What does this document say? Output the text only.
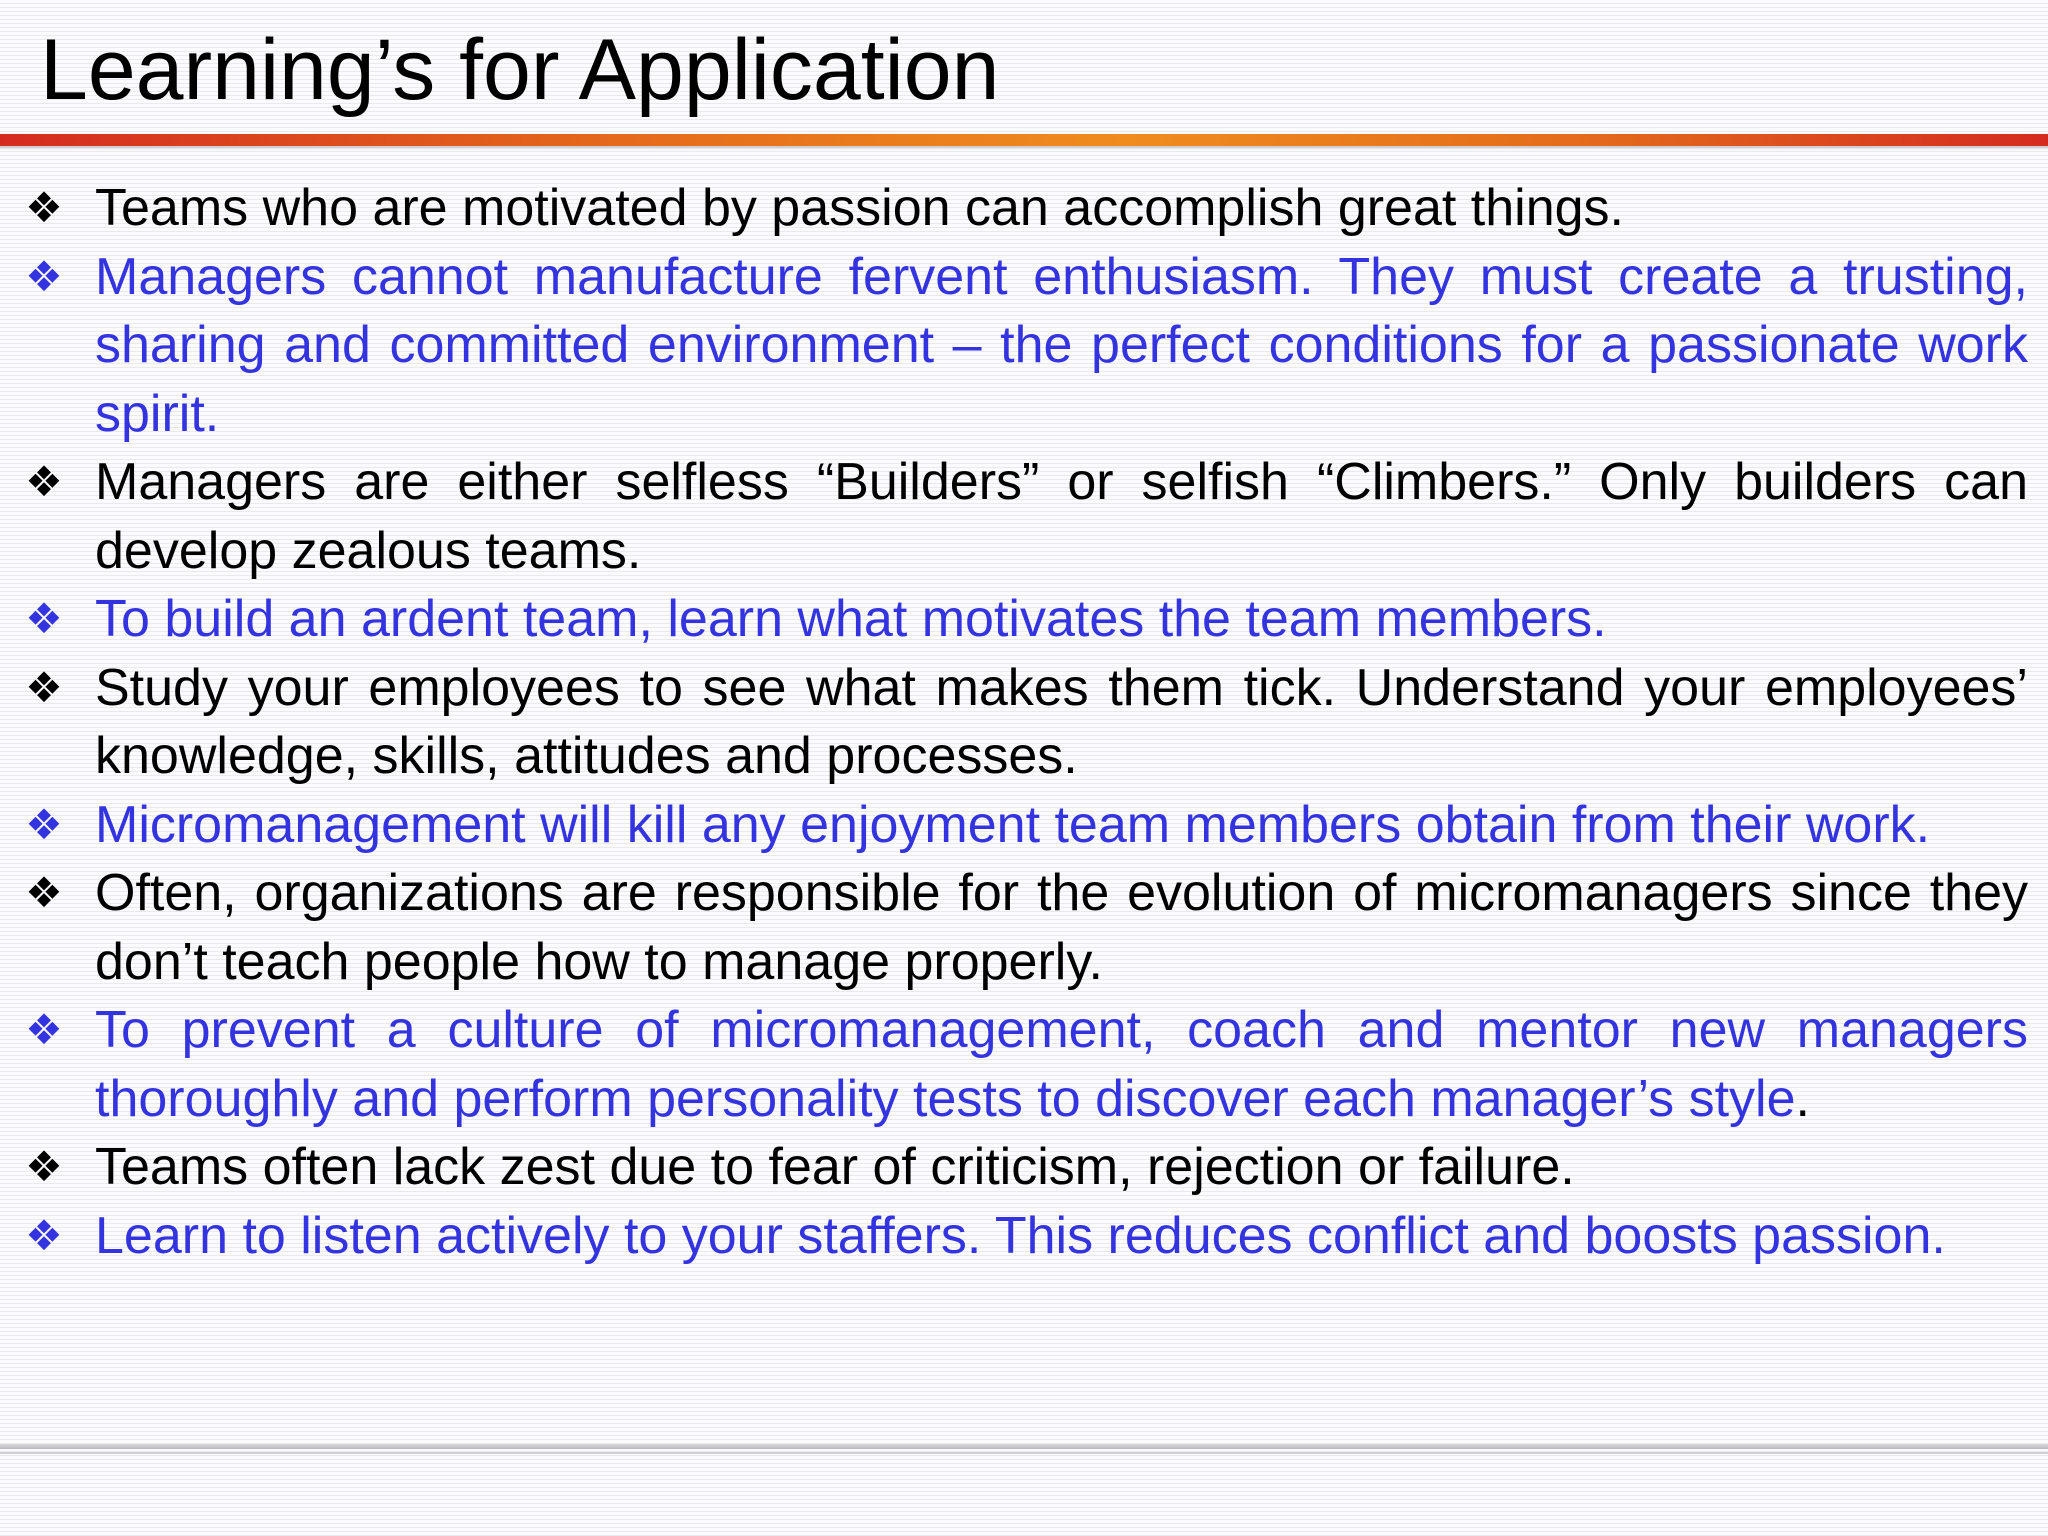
Learning’s for Application
❖ Teams who are motivated by passion can accomplish great things.
❖ Managers cannot manufacture fervent enthusiasm. They must create a trusting, sharing and committed environment – the perfect conditions for a passionate work spirit.
❖ Managers are either selfless “Builders” or selfish “Climbers.” Only builders can develop zealous teams.
❖ To build an ardent team, learn what motivates the team members.
❖ Study your employees to see what makes them tick. Understand your employees’ knowledge, skills, attitudes and processes.
❖ Micromanagement will kill any enjoyment team members obtain from their work.
❖ Often, organizations are responsible for the evolution of micromanagers since they don’t teach people how to manage properly.
❖ To prevent a culture of micromanagement, coach and mentor new managers thoroughly and perform personality tests to discover each manager’s style.
❖ Teams often lack zest due to fear of criticism, rejection or failure.
❖ Learn to listen actively to your staffers. This reduces conflict and boosts passion.
